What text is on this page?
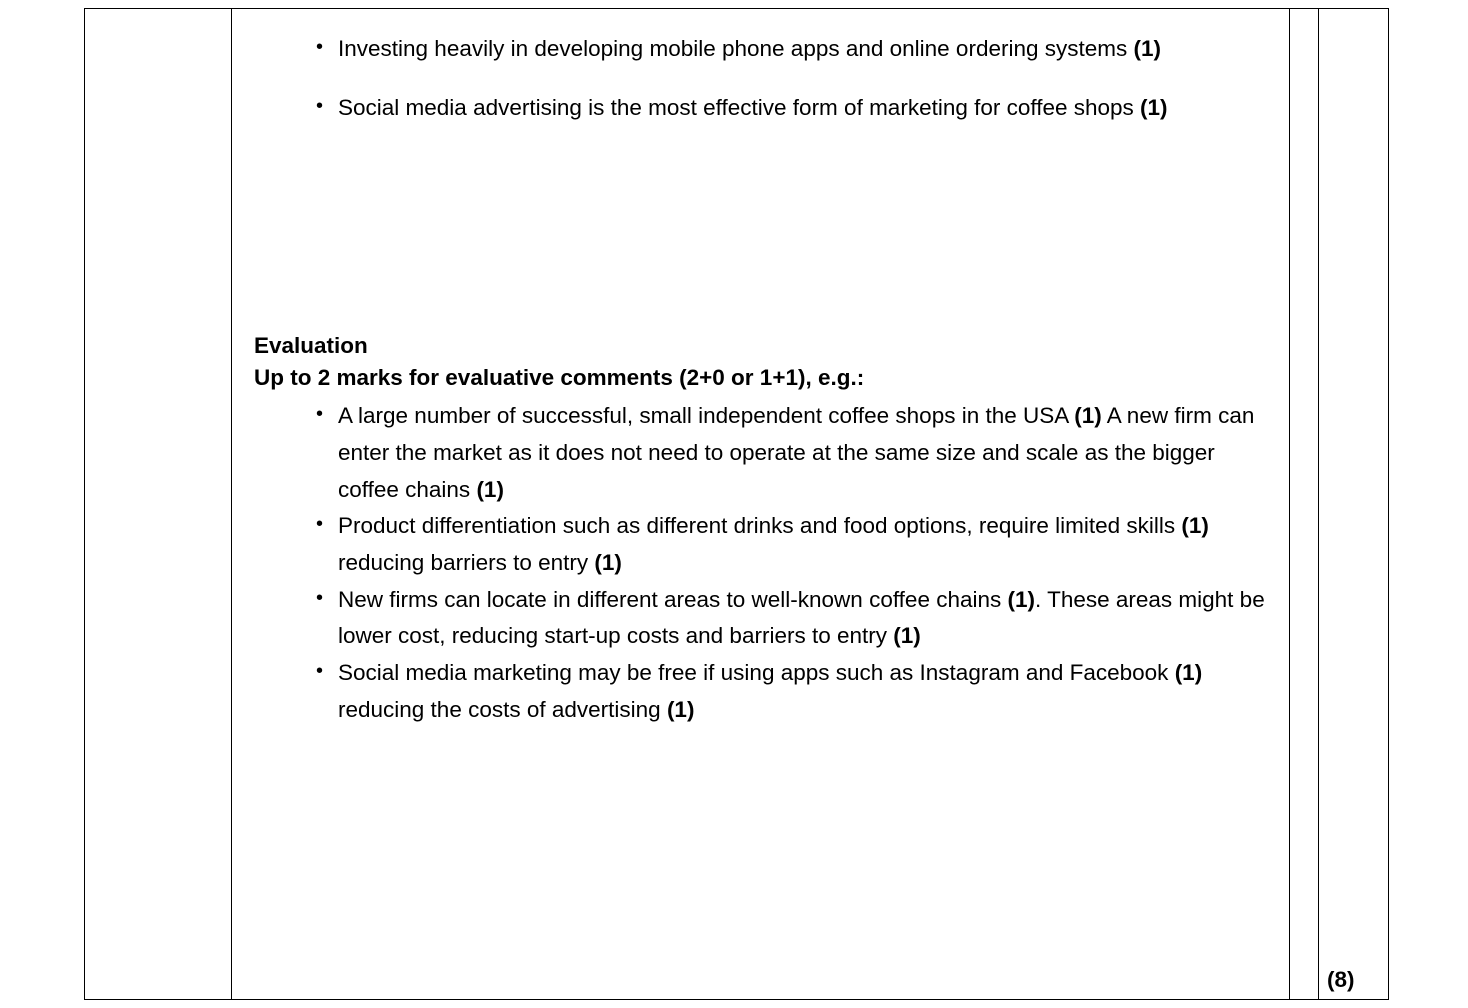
• Investing heavily in developing mobile phone apps and online ordering systems (1)
• Social media advertising is the most effective form of marketing for coffee shops (1)

Evaluation

Up to 2 marks for evaluative comments (2+0 or 1+1), e.g.:

• A large number of successful, small independent coffee shops in the USA (1) A new firm can enter the market as it does not need to operate at the same size and scale as the bigger coffee chains (1)
• Product differentiation such as different drinks and food options, require limited skills (1) reducing barriers to entry (1)
• New firms can locate in different areas to well-known coffee chains (1). These areas might be lower cost, reducing start-up costs and barriers to entry (1)
• Social media marketing may be free if using apps such as Instagram and Facebook (1) reducing the costs of advertising (1)

(8)
